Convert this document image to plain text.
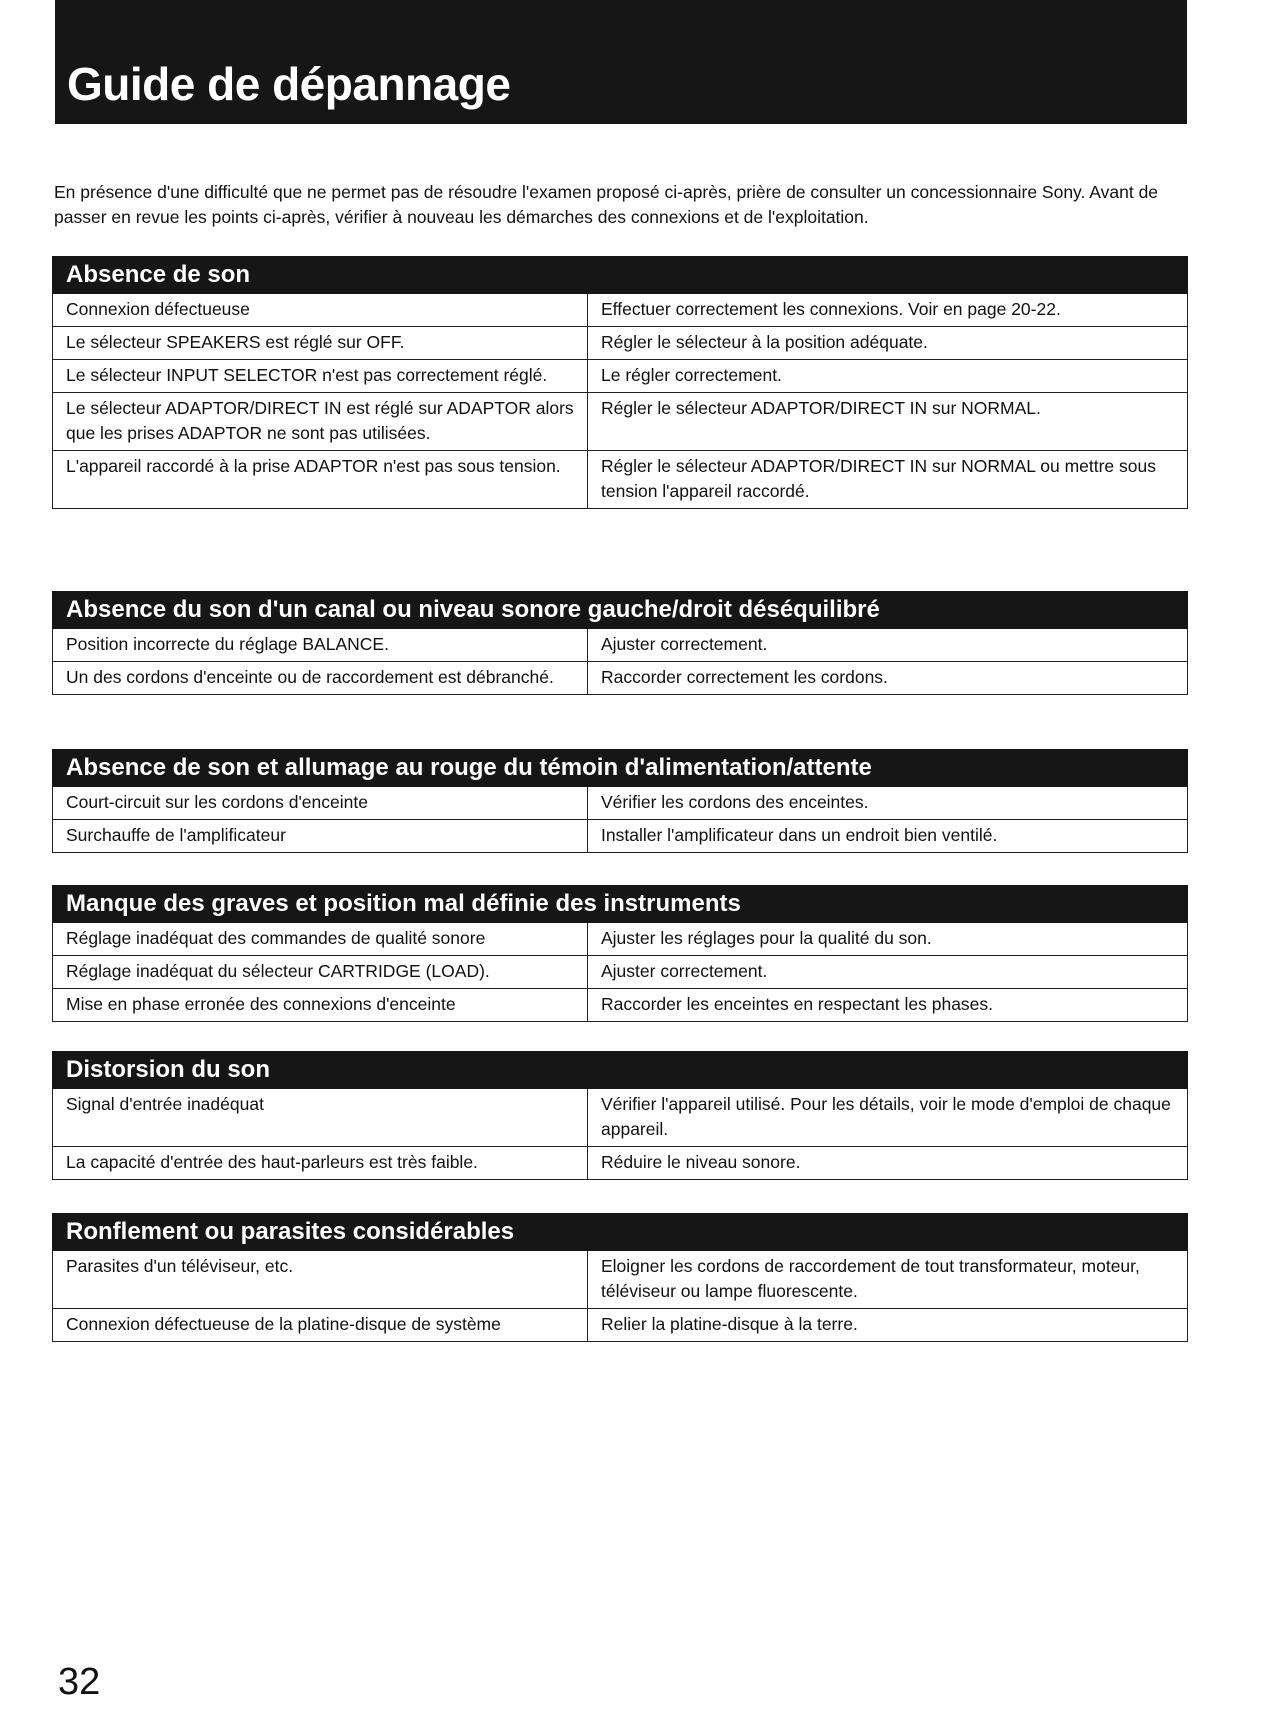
Guide de dépannage

En présence d'une difficulté que ne permet pas de résoudre l'examen proposé ci-après, prière de consulter un concessionnaire Sony. Avant de passer en revue les points ci-après, vérifier à nouveau les démarches des connexions et de l'exploitation.

Absence de son
Connexion défectueuse	Effectuer correctement les connexions. Voir en page 20-22.
Le sélecteur SPEAKERS est réglé sur OFF.	Régler le sélecteur à la position adéquate.
Le sélecteur INPUT SELECTOR n'est pas correctement réglé.	Le régler correctement.
Le sélecteur ADAPTOR/DIRECT IN est réglé sur ADAPTOR alors que les prises ADAPTOR ne sont pas utilisées.	Régler le sélecteur ADAPTOR/DIRECT IN sur NORMAL.
L'appareil raccordé à la prise ADAPTOR n'est pas sous tension.	Régler le sélecteur ADAPTOR/DIRECT IN sur NORMAL ou mettre sous tension l'appareil raccordé.
Absence du son d'un canal ou niveau sonore gauche/droit déséquilibré
Position incorrecte du réglage BALANCE.	Ajuster correctement.
Un des cordons d'enceinte ou de raccordement est débranché.	Raccorder correctement les cordons.
Absence de son et allumage au rouge du témoin d'alimentation/attente
Court-circuit sur les cordons d'enceinte	Vérifier les cordons des enceintes.
Surchauffe de l'amplificateur	Installer l'amplificateur dans un endroit bien ventilé.
Manque des graves et position mal définie des instruments
Réglage inadéquat des commandes de qualité sonore	Ajuster les réglages pour la qualité du son.
Réglage inadéquat du sélecteur CARTRIDGE (LOAD).	Ajuster correctement.
Mise en phase erronée des connexions d'enceinte	Raccorder les enceintes en respectant les phases.
Distorsion du son
Signal d'entrée inadéquat	Vérifier l'appareil utilisé. Pour les détails, voir le mode d'emploi de chaque appareil.
La capacité d'entrée des haut-parleurs est très faible.	Réduire le niveau sonore.
Ronflement ou parasites considérables
Parasites d'un téléviseur, etc.	Eloigner les cordons de raccordement de tout transformateur, moteur, téléviseur ou lampe fluorescente.
Connexion défectueuse de la platine-disque de système	Relier la platine-disque à la terre.
32
